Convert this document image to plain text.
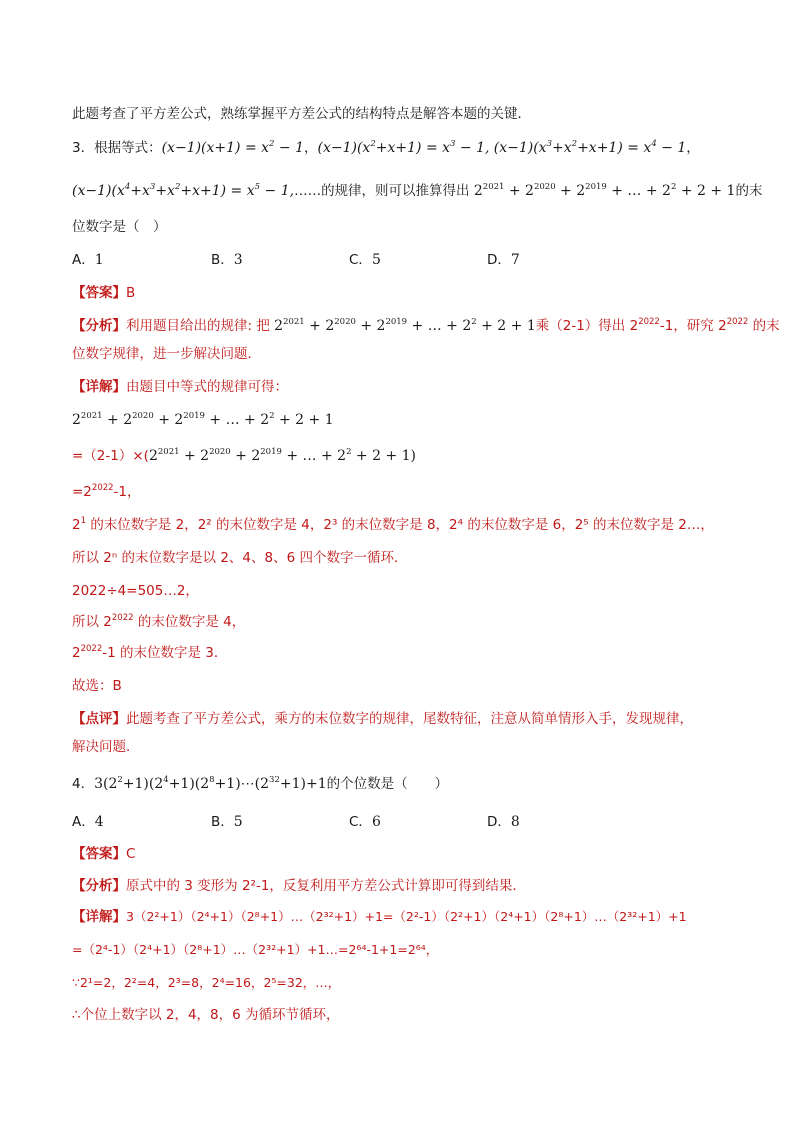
此题考查了平方差公式，熟练掌握平方差公式的结构特点是解答本题的关键．
3．根据等式：$(x-1)(x+1) = x^2 - 1$，$(x-1)(x^2+x+1) = x^3 - 1$, $(x-1)(x^3+x^2+x+1) = x^4 - 1$，
$(x-1)(x^4+x^3+x^2+x+1) = x^5$ − 1,……的规律，则可以推算得出 $2^{2021} + 2^{2020} + 2^{2019}$ + … + $2^2 + 2 + 1$的末
位数字是（　）
A．1	B．3	C．5	D．7
【答案】B
【分析】利用题目给出的规律: 把 $2^{2021} + 2^{2020} + 2^{2019}$ + … + $2^2 + 2 + 1$乘（2-1）得出 $2^{2022}-1$，研究 $2^{2022}$ 的末
位数字规律，进一步解决问题．
【详解】由题目中等式的规律可得：
$2^{2021} + 2^{2020} + 2^{2019}$ + … + $2^2 + 2 + 1$
$=(2-1)\times(2^{2021} + 2^{2020} + 2^{2019}$ + … + $2^2 + 2 + 1$)
$=2^{2022}-1$，
$2^1$ 的末位数字是 2，2² 的末位数字是 4，2³ 的末位数字是 8，2⁴ 的末位数字是 6，2⁵ 的末位数字是 2…，
所以 2ⁿ 的末位数字是以 2、4、8、6 四个数字一循环．
2022÷4=505…2，
所以 $2^{2022}$ 的末位数字是 4，
$2^{2022}-1$ 的末位数字是 3．
故选：B
【点评】此题考查了平方差公式，乘方的末位数字的规律，尾数特征，注意从简单情形入手，发现规律，
解决问题．
4．$3(2^2+1)(2^4+1)(2^8+1)\cdots(2^{32}+1)+1$的个位数是（　　）
A．4	B．5	C．6	D．8
【答案】C
【分析】原式中的 3 变形为 2²-1，反复利用平方差公式计算即可得到结果．
【详解】3（2²+1）（2⁴+1）（2⁸+1）…（2³²+1）+1=（2²-1）（2²+1）（2⁴+1）（2⁸+1）…（2³²+1）+1
=（2⁴-1）（2⁴+1）（2⁸+1）…（2³²+1）+1…=2⁶⁴-1+1=2⁶⁴，
∵2¹=2，2²=4，2³=8，2⁴=16，2⁵=32，…，
∴个位上数字以 2，4，8，6 为循环节循环，
